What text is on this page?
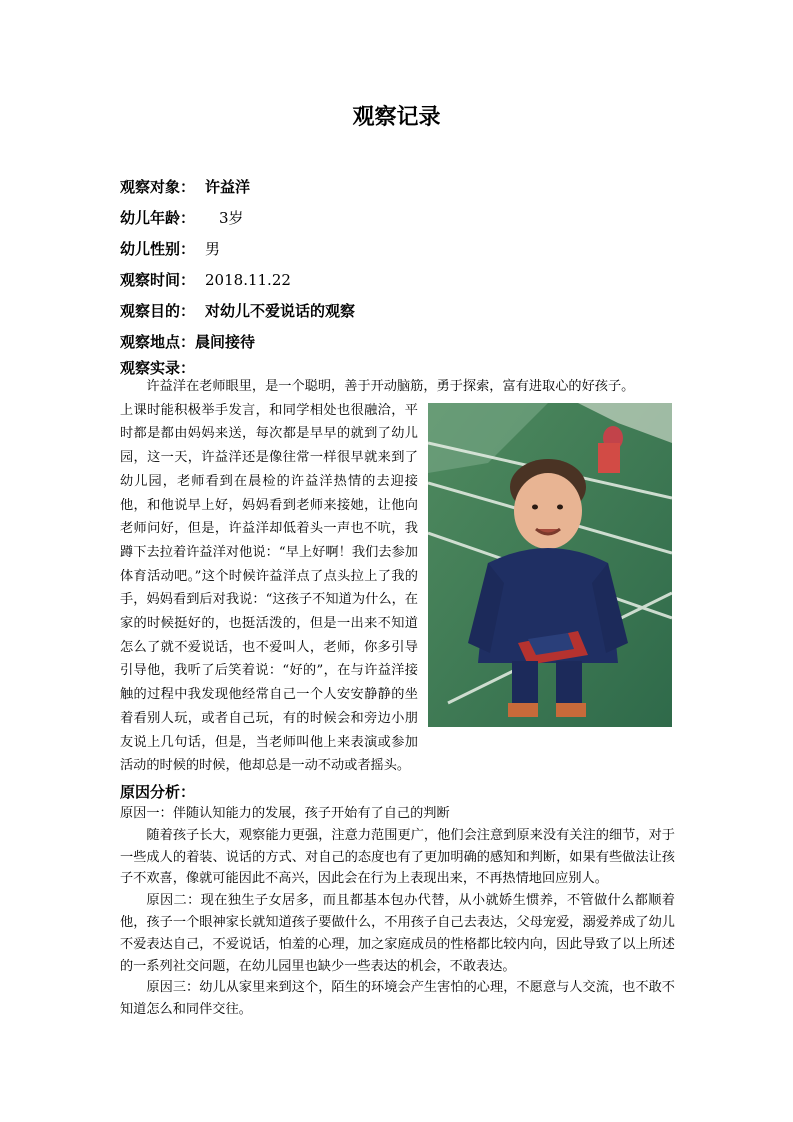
观察记录
观察对象： 许益洋
幼儿年龄： 3岁
幼儿性别： 男
观察时间： 2018.11.22
观察目的： 对幼儿不爱说话的观察
观察地点：晨间接待
观察实录：
许益洋在老师眼里，是一个聪明，善于开动脑筋，勇于探索，富有进取心的好孩子。
上课时能积极举手发言，和同学相处也很融洽，平时都是都由妈妈来送，每次都是早早的就到了幼儿园，这一天，许益洋还是像往常一样很早就来到了幼儿园，老师看到在晨检的许益洋热情的去迎接他，和他说早上好，妈妈看到老师来接她，让他向老师问好，但是，许益洋却低着头一声也不吭，我蹲下去拉着许益洋对他说：“早上好啊！我们去参加体育活动吧。”这个时候许益洋点了点头拉上了我的手，妈妈看到后对我说：“这孩子不知道为什么，在家的时候挺好的，也挺活泼的，但是一出来不知道怎么了就不爱说话，也不爱叫人，老师，你多引导引导他，我听了后笑着说：“好的”，在与许益洋接触的过程中我发现他经常自己一个人安安静静的坐着看别人玩，或者自己玩，有的时候会和旁边小朋友说上几句话，但是，当老师叫他上来表演或参加活动的时候的时候，他却总是一动不动或者摇头。
原因分析：

原因一：伴随认知能力的发展，孩子开始有了自己的判断

随着孩子长大，观察能力更强，注意力范围更广，他们会注意到原来没有关注的细节，对于一些成人的着装、说话的方式、对自己的态度也有了更加明确的感知和判断，如果有些做法让孩子不欢喜，像就可能因此不高兴，因此会在行为上表现出来，不再热情地回应别人。

原因二：现在独生子女居多，而且都基本包办代替，从小就娇生惯养，不管做什么都顺着他，孩子一个眼神家长就知道孩子要做什么，不用孩子自己去表达，父母宠爱，溺爱养成了幼儿不爱表达自己，不爱说话，怕羞的心理，加之家庭成员的性格都比较内向，因此导致了以上所述的一系列社交问题，在幼儿园里也缺少一些表达的机会，不敢表达。

原因三：幼儿从家里来到这个，陌生的环境会产生害怕的心理，不愿意与人交流，也不敢不知道怎么和同伴交往。
